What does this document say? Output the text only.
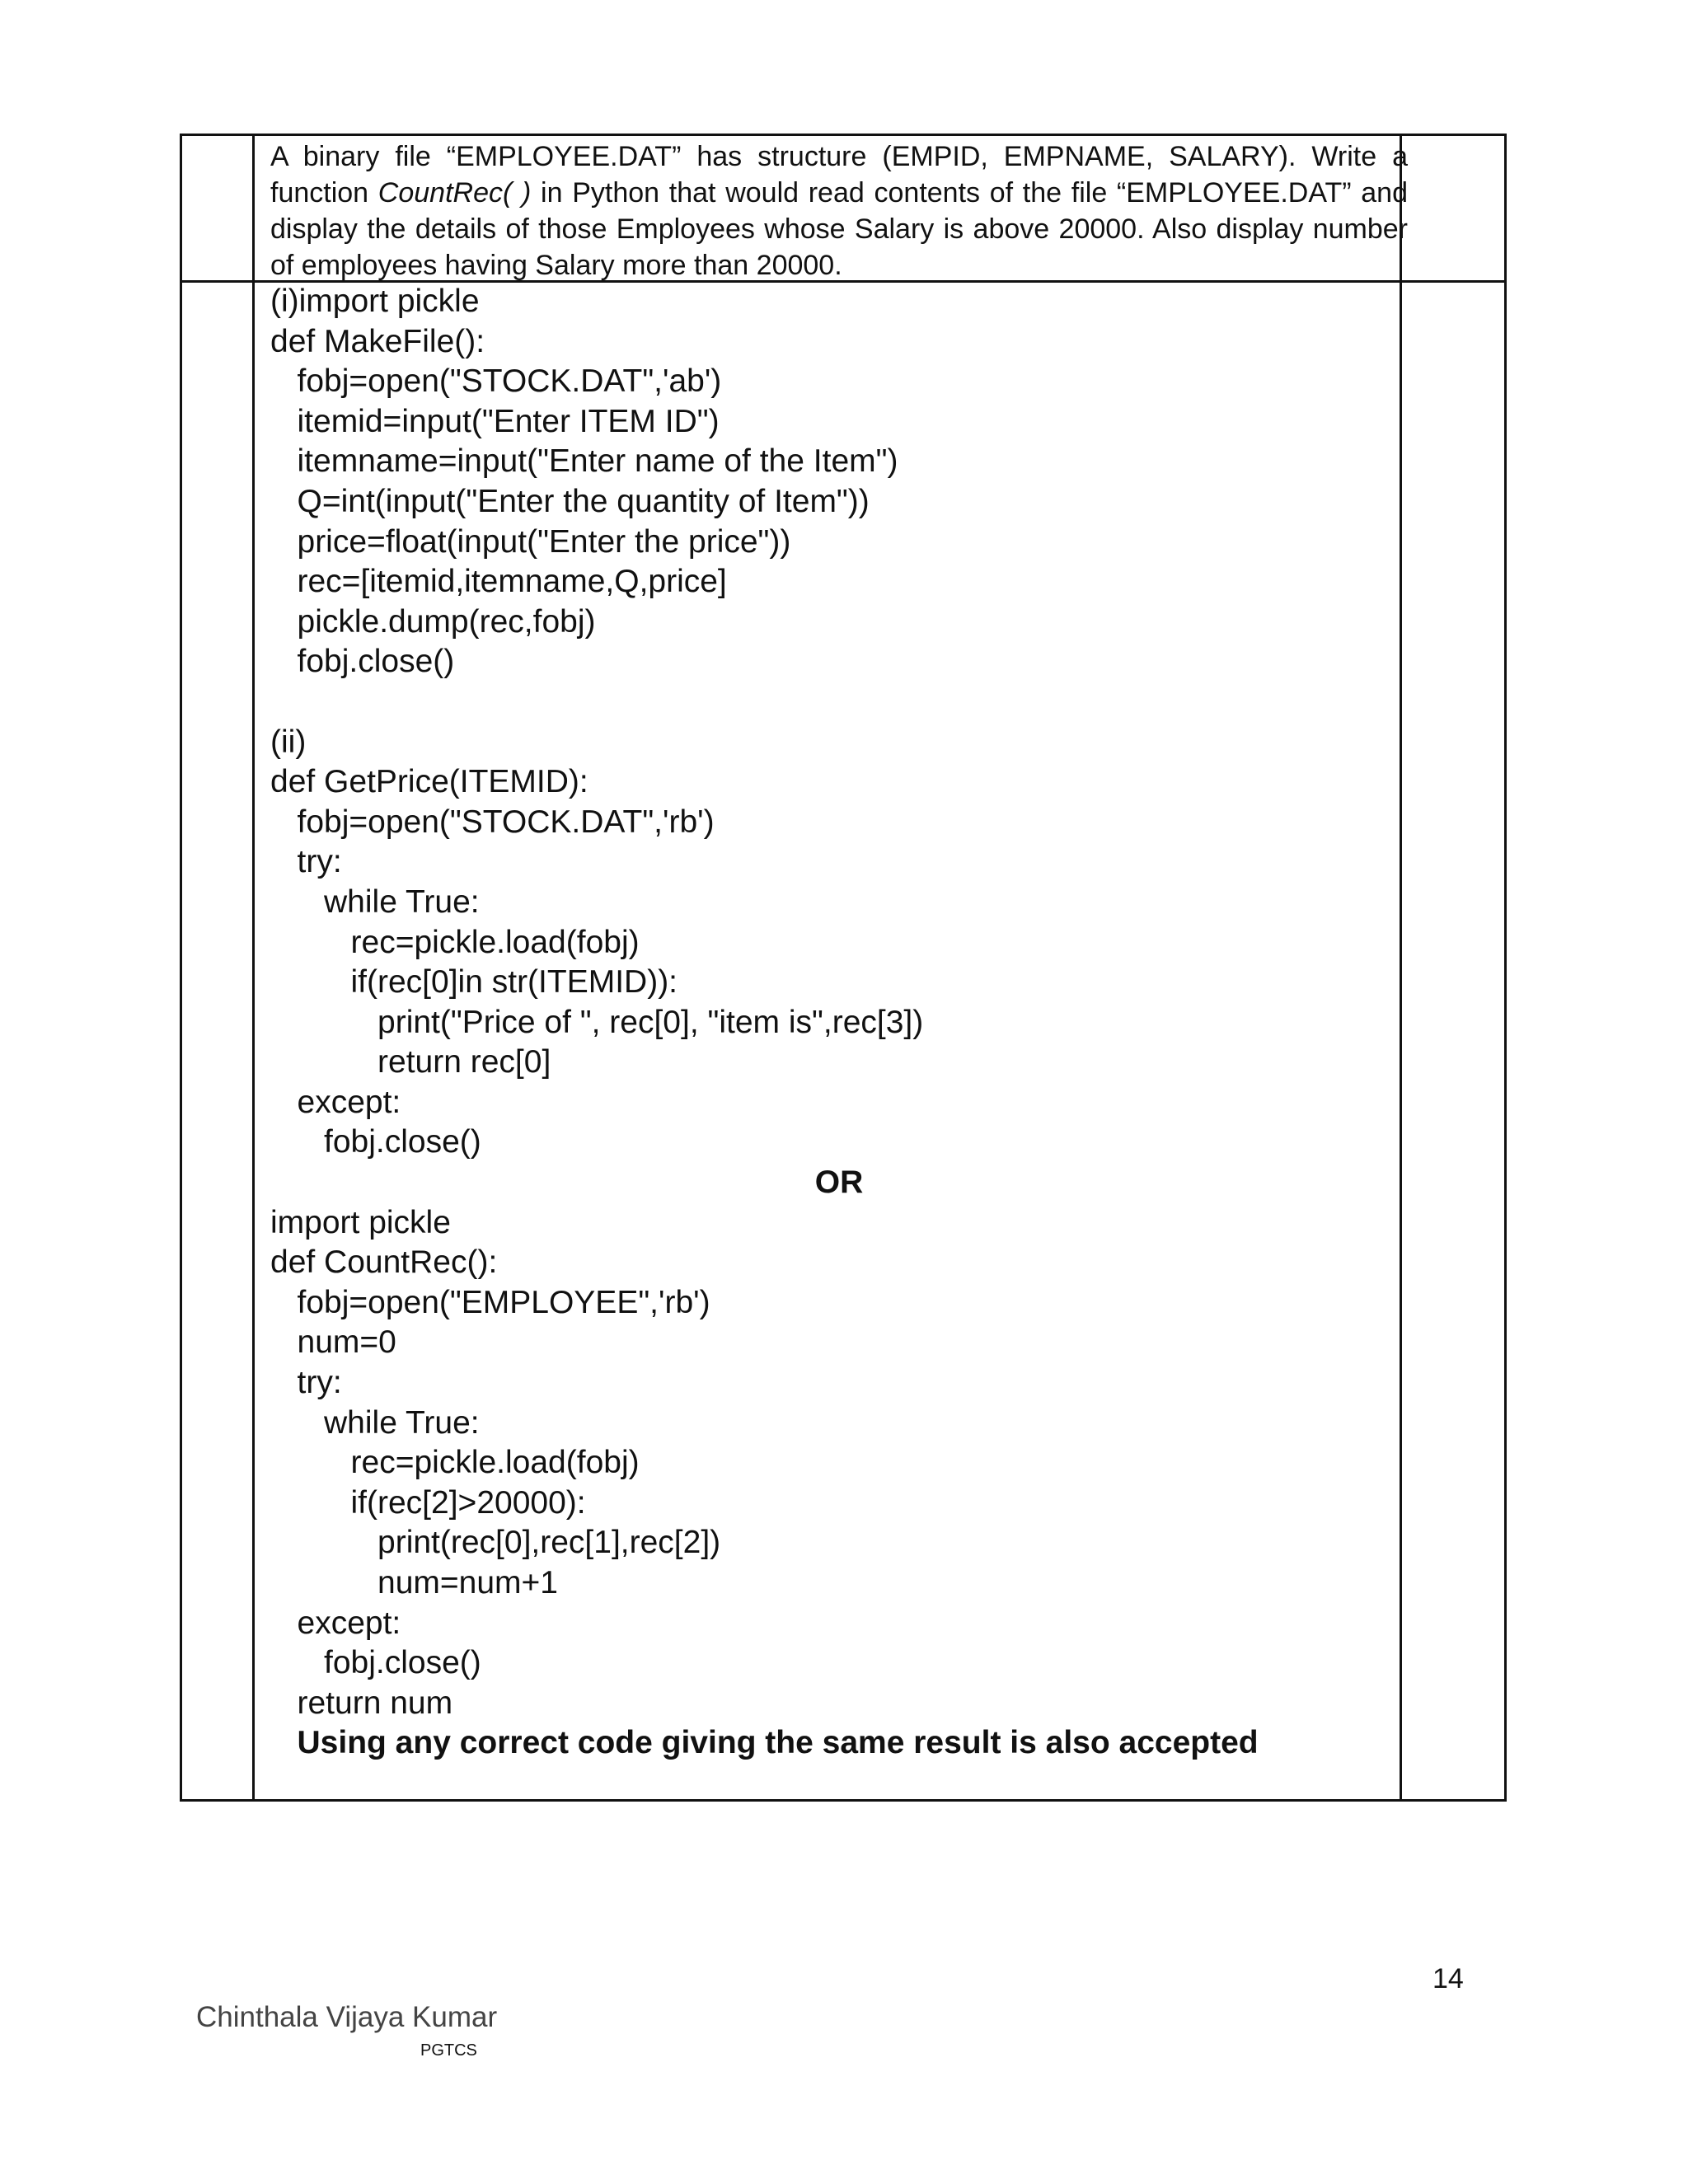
A binary file “EMPLOYEE.DAT” has structure (EMPID, EMPNAME, SALARY). Write a function CountRec( ) in Python that would read contents of the file “EMPLOYEE.DAT” and display the details of those Employees whose Salary is above 20000. Also display number of employees having Salary more than 20000.

(i)import pickle
def MakeFile():
fobj=open("STOCK.DAT",'ab')
itemid=input("Enter ITEM ID")
itemname=input("Enter name of the Item")
Q=int(input("Enter the quantity of Item"))
price=float(input("Enter the price"))
rec=[itemid,itemname,Q,price]
pickle.dump(rec,fobj)
fobj.close()
(ii)
def GetPrice(ITEMID):
fobj=open("STOCK.DAT",'rb')
try:
while True:
rec=pickle.load(fobj)
if(rec[0]in str(ITEMID)):
print("Price of ", rec[0], "item is",rec[3])
return rec[0]
except:
fobj.close()
OR
import pickle
def CountRec():
fobj=open("EMPLOYEE",'rb')
num=0
try:
while True:
rec=pickle.load(fobj)
if(rec[2]>20000):
print(rec[0],rec[1],rec[2])
num=num+1
except:
fobj.close()
return num
Using any correct code giving the same result is also accepted
14
Chinthala Vijaya Kumar
PGTCS
